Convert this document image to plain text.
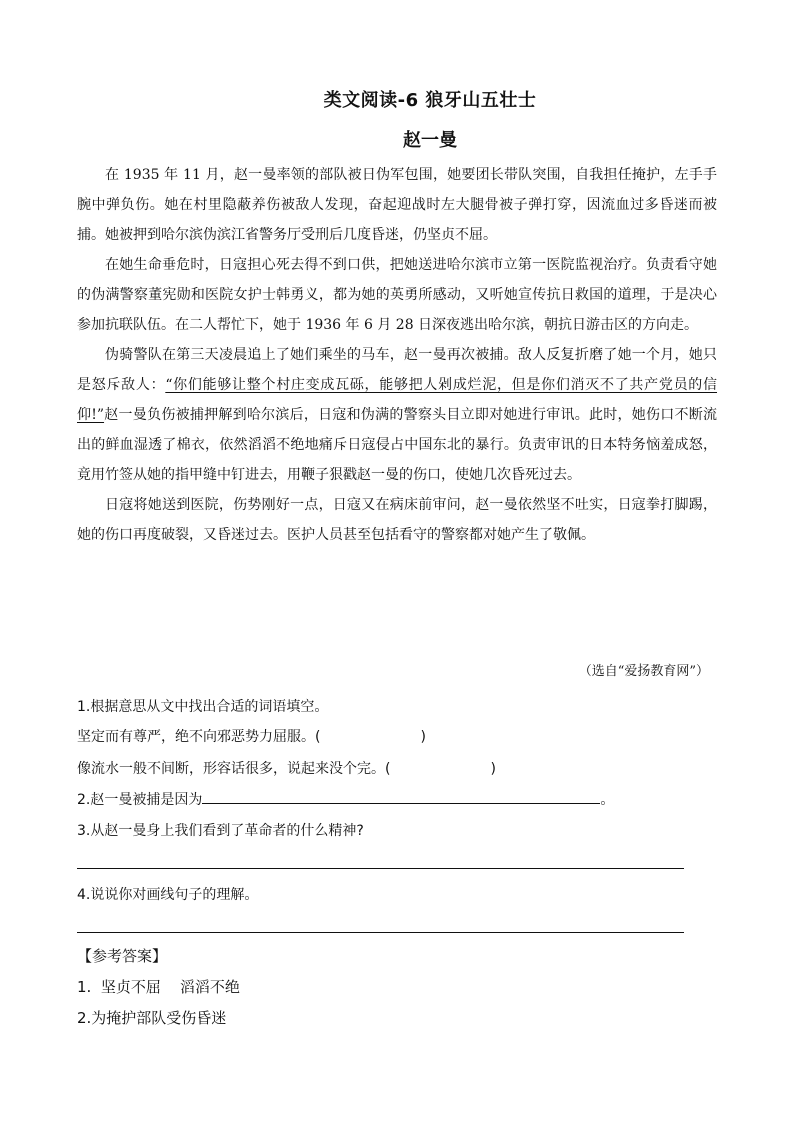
类文阅读-6 狼牙山五壮士
赵一曼

在 1935 年 11 月，赵一曼率领的部队被日伪军包围，她要团长带队突围，自我担任掩护，左手手腕中弹负伤。她在村里隐蔽养伤被敌人发现，奋起迎战时左大腿骨被子弹打穿，因流血过多昏迷而被捕。她被押到哈尔滨伪滨江省警务厅受刑后几度昏迷，仍坚贞不屈。

在她生命垂危时，日寇担心死去得不到口供，把她送进哈尔滨市立第一医院监视治疗。负责看守她的伪满警察董宪勋和医院女护士韩勇义，都为她的英勇所感动，又听她宣传抗日救国的道理，于是决心参加抗联队伍。在二人帮忙下，她于 1936 年 6 月 28 日深夜逃出哈尔滨，朝抗日游击区的方向走。

伪骑警队在第三天凌晨追上了她们乘坐的马车，赵一曼再次被捕。敌人反复折磨了她一个月，她只是怒斥敌人：“你们能够让整个村庄变成瓦砾，能够把人剁成烂泥，但是你们消灭不了共产党员的信仰!”赵一曼负伤被捕押解到哈尔滨后，日寇和伪满的警察头目立即对她进行审讯。此时，她伤口不断流出的鲜血湿透了棉衣，依然滔滔不绝地痛斥日寇侵占中国东北的暴行。负责审讯的日本特务恼羞成怒，竟用竹签从她的指甲缝中钉进去，用鞭子狠戳赵一曼的伤口，使她几次昏死过去。

日寇将她送到医院，伤势刚好一点，日寇又在病床前审问，赵一曼依然坚不吐实，日寇拳打脚踢，她的伤口再度破裂，又昏迷过去。医护人员甚至包括看守的警察都对她产生了敬佩。

（选自“爱扬教育网”）
1.根据意思从文中找出合适的词语填空。
坚定而有尊严，绝不向邪恶势力屈服。(	)
像流水一般不间断，形容话很多，说起来没个完。(	)
2.赵一曼被捕是因为	。
3.从赵一曼身上我们看到了革命者的什么精神?
4.说说你对画线句子的理解。
【参考答案】
1.  坚贞不屈    滔滔不绝
2.为掩护部队受伤昏迷
